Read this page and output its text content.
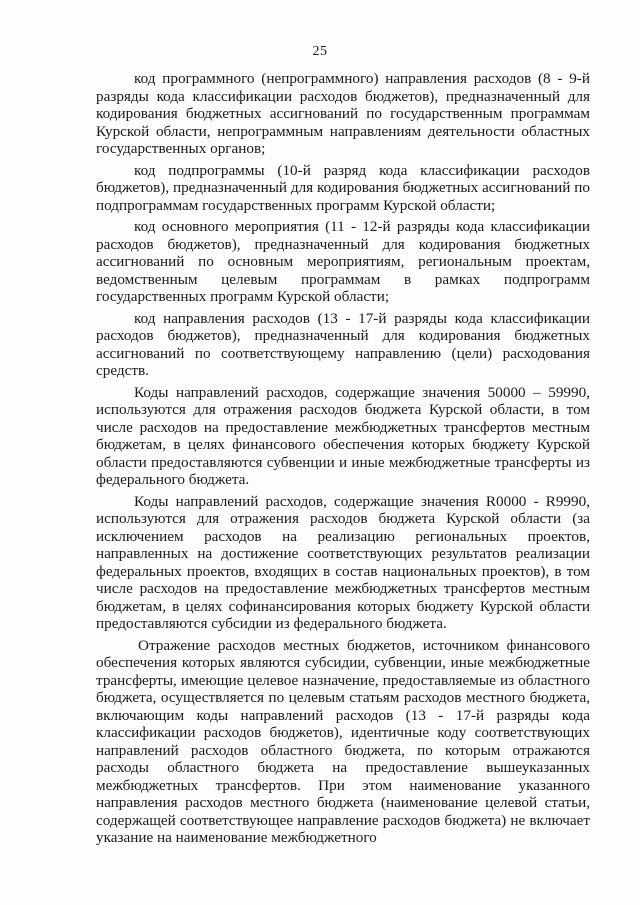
25

код программного (непрограммного) направления расходов (8 - 9-й разряды кода классификации расходов бюджетов), предназначенный для кодирования бюджетных ассигнований по государственным программам Курской области, непрограммным направлениям деятельности областных государственных органов;

код подпрограммы (10-й разряд кода классификации расходов бюджетов), предназначенный для кодирования бюджетных ассигнований по подпрограммам государственных программ Курской области;

код основного мероприятия (11 - 12-й разряды кода классификации расходов бюджетов), предназначенный для кодирования бюджетных ассигнований по основным мероприятиям, региональным проектам, ведомственным целевым программам в рамках подпрограмм государственных программ Курской области;

код направления расходов (13 - 17-й разряды кода классификации расходов бюджетов), предназначенный для кодирования бюджетных ассигнований по соответствующему направлению (цели) расходования средств.

Коды направлений расходов, содержащие значения 50000 – 59990, используются для отражения расходов бюджета Курской области, в том числе расходов на предоставление межбюджетных трансфертов местным бюджетам, в целях финансового обеспечения которых бюджету Курской области предоставляются субвенции и иные межбюджетные трансферты из федерального бюджета.

Коды направлений расходов, содержащие значения R0000 - R9990, используются для отражения расходов бюджета Курской области (за исключением расходов на реализацию региональных проектов, направленных на достижение соответствующих результатов реализации федеральных проектов, входящих в состав национальных проектов), в том числе расходов на предоставление межбюджетных трансфертов местным бюджетам, в целях софинансирования которых бюджету Курской области предоставляются субсидии из федерального бюджета.

Отражение расходов местных бюджетов, источником финансового обеспечения которых являются субсидии, субвенции, иные межбюджетные трансферты, имеющие целевое назначение, предоставляемые из областного бюджета, осуществляется по целевым статьям расходов местного бюджета, включающим коды направлений расходов (13 - 17-й разряды кода классификации расходов бюджетов), идентичные коду соответствующих направлений расходов областного бюджета, по которым отражаются расходы областного бюджета на предоставление вышеуказанных межбюджетных трансфертов. При этом наименование указанного направления расходов местного бюджета (наименование целевой статьи, содержащей соответствующее направление расходов бюджета) не включает указание на наименование межбюджетного
